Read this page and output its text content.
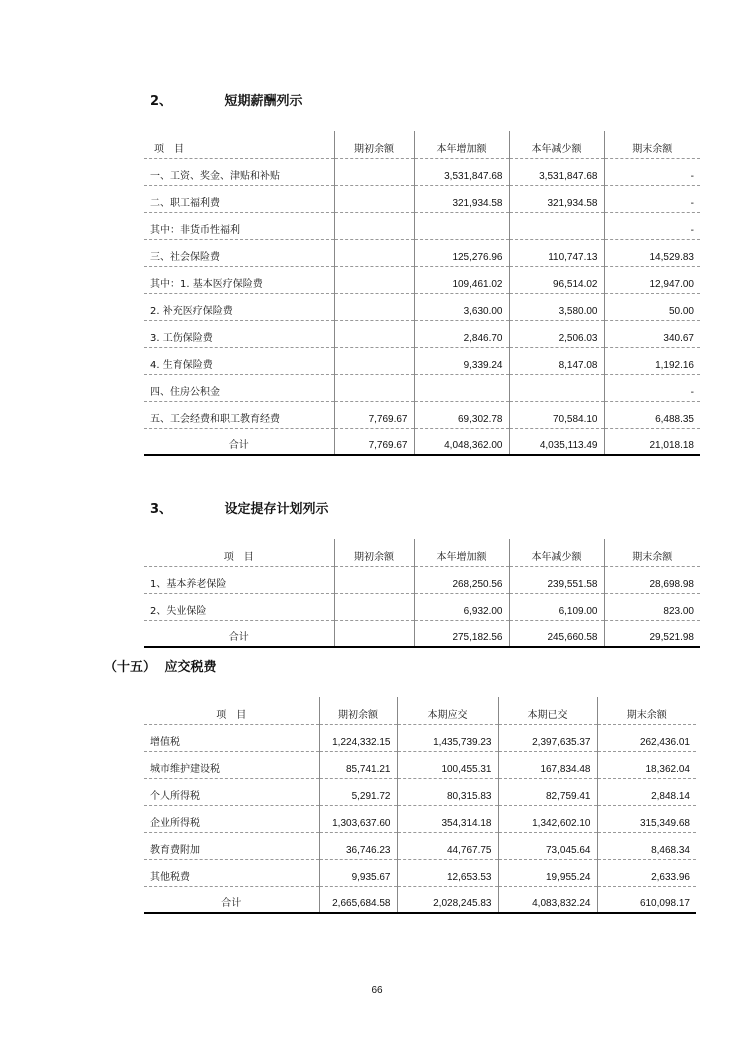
2、	短期薪酬列示
项　目	期初余额	本年增加额	本年减少额	期末余额
一、工资、奖金、津贴和补贴		3,531,847.68	3,531,847.68	-
二、职工福利费		321,934.58	321,934.58	-
其中：非货币性福利				-
三、社会保险费		125,276.96	110,747.13	14,529.83
其中：1. 基本医疗保险费		109,461.02	96,514.02	12,947.00
2. 补充医疗保险费		3,630.00	3,580.00	50.00
3. 工伤保险费		2,846.70	2,506.03	340.67
4. 生育保险费		9,339.24	8,147.08	1,192.16
四、住房公积金				-
五、工会经费和职工教育经费	7,769.67	69,302.78	70,584.10	6,488.35
合计	7,769.67	4,048,362.00	4,035,113.49	21,018.18
3、	设定提存计划列示
项　目	期初余额	本年增加额	本年减少额	期末余额
1、基本养老保险		268,250.56	239,551.58	28,698.98
2、失业保险		6,932.00	6,109.00	823.00
合计		275,182.56	245,660.58	29,521.98
（十五） 应交税费
项　目	期初余额	本期应交	本期已交	期末余额
增值税	1,224,332.15	1,435,739.23	2,397,635.37	262,436.01
城市维护建设税	85,741.21	100,455.31	167,834.48	18,362.04
个人所得税	5,291.72	80,315.83	82,759.41	2,848.14
企业所得税	1,303,637.60	354,314.18	1,342,602.10	315,349.68
教育费附加	36,746.23	44,767.75	73,045.64	8,468.34
其他税费	9,935.67	12,653.53	19,955.24	2,633.96
合计	2,665,684.58	2,028,245.83	4,083,832.24	610,098.17
66
